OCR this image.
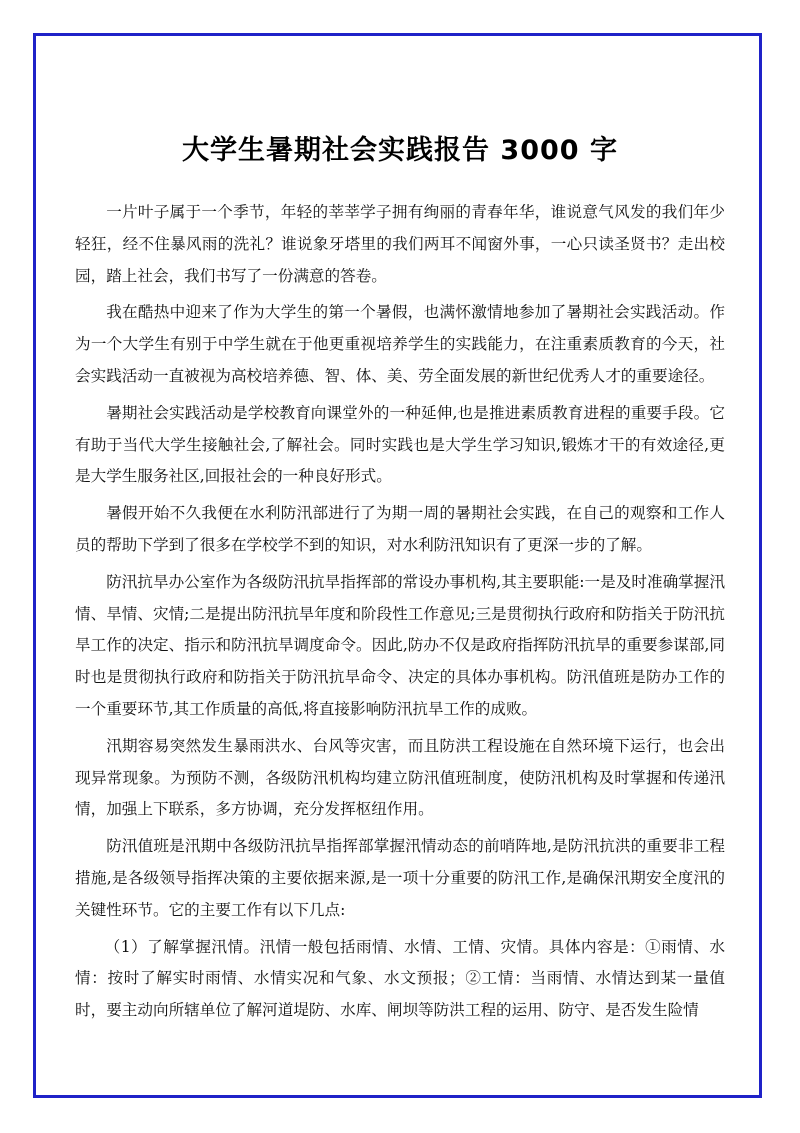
大学生暑期社会实践报告 3000 字

一片叶子属于一个季节，年轻的莘莘学子拥有绚丽的青春年华，谁说意气风发的我们年少轻狂，经不住暴风雨的洗礼？谁说象牙塔里的我们两耳不闻窗外事，一心只读圣贤书？走出校园，踏上社会，我们书写了一份满意的答卷。

我在酷热中迎来了作为大学生的第一个暑假，也满怀激情地参加了暑期社会实践活动。作为一个大学生有别于中学生就在于他更重视培养学生的实践能力，在注重素质教育的今天，社会实践活动一直被视为高校培养德、智、体、美、劳全面发展的新世纪优秀人才的重要途径。

暑期社会实践活动是学校教育向课堂外的一种延伸,也是推进素质教育进程的重要手段。它有助于当代大学生接触社会,了解社会。同时实践也是大学生学习知识,锻炼才干的有效途径,更是大学生服务社区,回报社会的一种良好形式。

暑假开始不久我便在水利防汛部进行了为期一周的暑期社会实践，在自己的观察和工作人员的帮助下学到了很多在学校学不到的知识，对水利防汛知识有了更深一步的了解。

防汛抗旱办公室作为各级防汛抗旱指挥部的常设办事机构,其主要职能:一是及时准确掌握汛情、旱情、灾情;二是提出防汛抗旱年度和阶段性工作意见;三是贯彻执行政府和防指关于防汛抗旱工作的决定、指示和防汛抗旱调度命令。因此,防办不仅是政府指挥防汛抗旱的重要参谋部,同时也是贯彻执行政府和防指关于防汛抗旱命令、决定的具体办事机构。防汛值班是防办工作的一个重要环节,其工作质量的高低,将直接影响防汛抗旱工作的成败。

汛期容易突然发生暴雨洪水、台风等灾害，而且防洪工程设施在自然环境下运行，也会出现异常现象。为预防不测，各级防汛机构均建立防汛值班制度，使防汛机构及时掌握和传递汛情，加强上下联系，多方协调，充分发挥枢纽作用。

防汛值班是汛期中各级防汛抗旱指挥部掌握汛情动态的前哨阵地,是防汛抗洪的重要非工程措施,是各级领导指挥决策的主要依据来源,是一项十分重要的防汛工作,是确保汛期安全度汛的关键性环节。它的主要工作有以下几点:

（1）了解掌握汛情。汛情一般包括雨情、水情、工情、灾情。具体内容是：①雨情、水情：按时了解实时雨情、水情实况和气象、水文预报；②工情：当雨情、水情达到某一量值时，要主动向所辖单位了解河道堤防、水库、闸坝等防洪工程的运用、防守、是否发生险情
